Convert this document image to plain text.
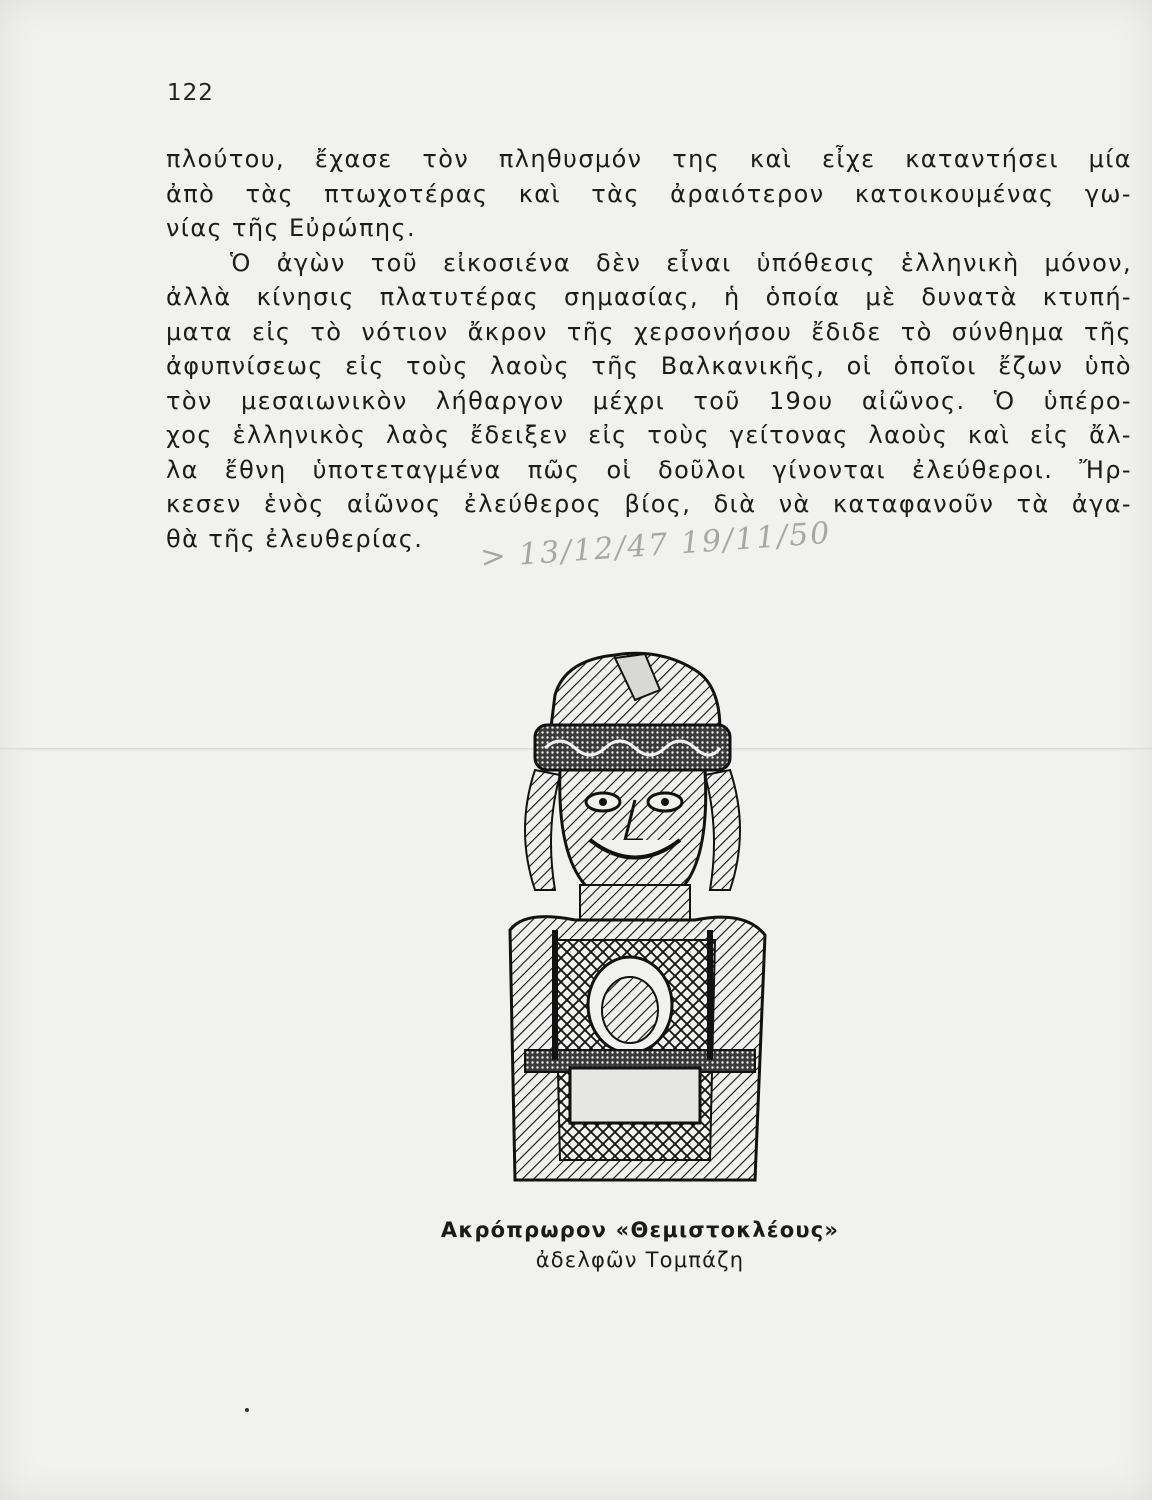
122
πλούτου, ἔχασε τὸν πληθυσμόν της καὶ εἶχε καταντήσει μία
ἀπὸ τὰς πτωχοτέρας καὶ τὰς ἀραιότερον κατοικουμένας γω-
νίας τῆς Εὐρώπης.
Ὁ ἀγὼν τοῦ εἰκοσιένα δὲν εἶναι ὑπόθεσις ἑλληνικὴ μόνον,
ἀλλὰ κίνησις πλατυτέρας σημασίας, ἡ ὁποία μὲ δυνατὰ κτυπή-
ματα εἰς τὸ νότιον ἄκρον τῆς χερσονήσου ἔδιδε τὸ σύνθημα τῆς
ἀφυπνίσεως εἰς τοὺς λαοὺς τῆς Βαλκανικῆς, οἱ ὁποῖοι ἔζων ὑπὸ
τὸν μεσαιωνικὸν λήθαργον μέχρι τοῦ 19ου αἰῶνος. Ὁ ὑπέρο-
χος ἑλληνικὸς λαὸς ἔδειξεν εἰς τοὺς γείτονας λαοὺς καὶ εἰς ἄλ-
λα ἔθνη ὑποτεταγμένα πῶς οἱ δοῦλοι γίνονται ἐλεύθεροι. Ἤρ-
κεσεν ἑνὸς αἰῶνος ἐλεύθερος βίος, διὰ νὰ καταφανοῦν τὰ ἀγα-
θὰ τῆς ἐλευθερίας.	> 13/12/47 19/11/50
Ακρόπρωρον «Θεμιστοκλέους»
ἀδελφῶν Τομπάζη
